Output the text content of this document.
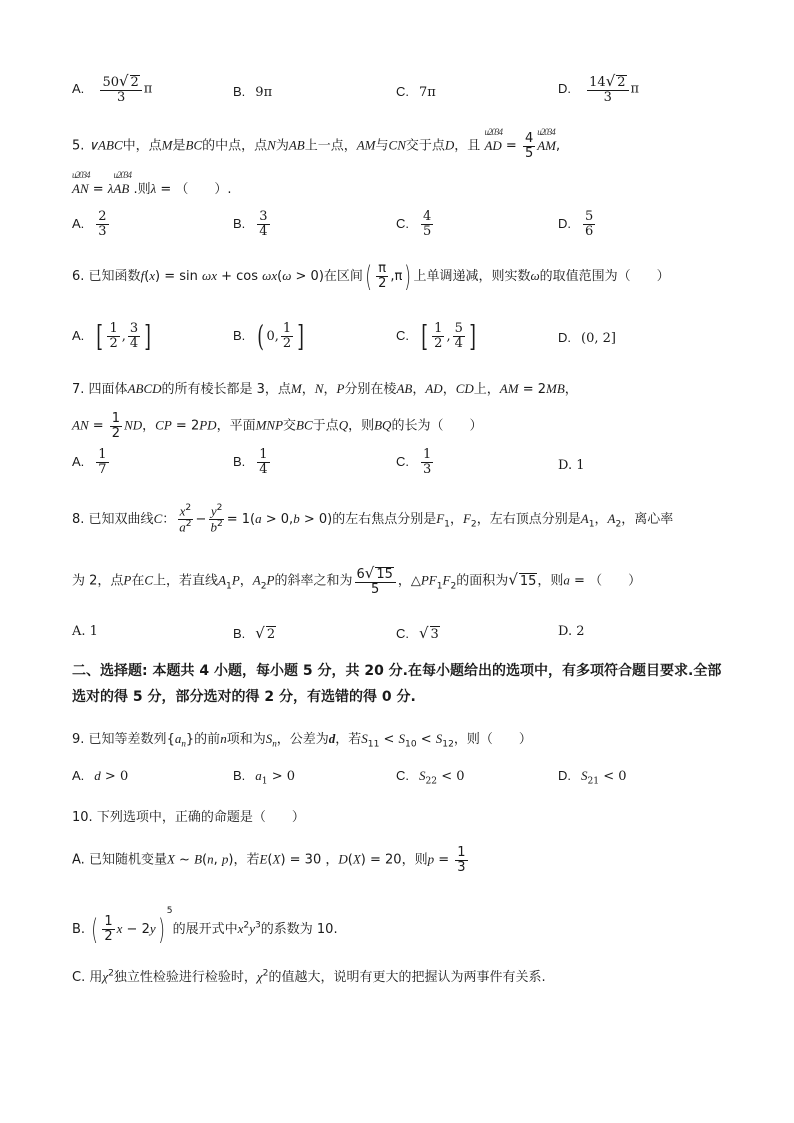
A. $\frac{50√ 2}{3}$ π	B. 9π	C. 7π	D. $\frac{14√ 2}{3}$ π
5. ∨ABC中，点M是BC的中点，点N为AB上一点，AM与CN交于点D，且 u2034 AD = $\frac{4}{5}$
u2034 AM,
u2034 AN = λu2034 AB .则λ = （　　）.
A. $\frac{2}{3}$	B. $\frac{3}{4}$	C. $\frac{4}{5}$	D. $\frac{5}{6}$
6. 已知函数f(x) = sin ωx + cos ωx(ω > 0)在区间( $\frac{\pi}{2} ,\pi$) 上单调递减，则实数ω的取值范围为（　　）
A. [ $\frac{1}{2}$ , $\frac{3}{4}$ ]	B. ( 0, $\frac{1}{2}$ ]	C. [ $\frac{1}{2}$ , $\frac{5}{4}$ ]	D. (0, 2]
7. 四面体ABCD的所有棱长都是 3，点M，N，P分别在棱AB，AD，CD上，AM = 2MB，
AN = $\frac{1}{2}$ ND，CP = 2PD，平面MNP交BC于点Q，则BQ的长为（　　）
A. $\frac{1}{7}$	B. $\frac{1}{4}$	C. $\frac{1}{3}$	D. 1
8. 已知双曲线C： $\frac{x^2}{a^2} - \frac{y^2}{b^2} = 1(a > 0,b > 0)$的左右焦点分别是$F_1$，$F_2$，左右顶点分别是$A_1$，$A_2$，离心率
为 2，点P在C上，若直线$A_1P$，$A_2P$的斜率之和为 $\frac{6√ 15}{5}$ ，$\triangle PF_1F_2$的面积为√ 15，则a = （　　）
A. 1	B. √ 2	C. √ 3	D. 2
二、选择题: 本题共 4 小题，每小题 5 分，共 20 分.在每小题给出的选项中，有多项符合题目要求.全部选对的得 5 分，部分选对的得 2 分，有选错的得 0 分.
9. 已知等差数列$\{a_n\}$的前n项和为$S_n$，公差为d，若$S_{11} < S_{10} < S_{12}$，则（　　）
A. d > 0	B. $a_1 > 0$	C. $S_{22} < 0$	D. $S_{21} < 0$
10. 下列选项中，正确的命题是（　　）
A. 已知随机变量X ~ B(n, p)，若E(X) = 30 ，D(X) = 20，则$p = \frac{1}{3}$
B. ( $\frac{1}{2}$ x − 2y)$^5$的展开式中$x^2y^3$的系数为 10.
C. 用$\chi^2$独立性检验进行检验时，$\chi^2$的值越大，说明有更大的把握认为两事件有关系.
